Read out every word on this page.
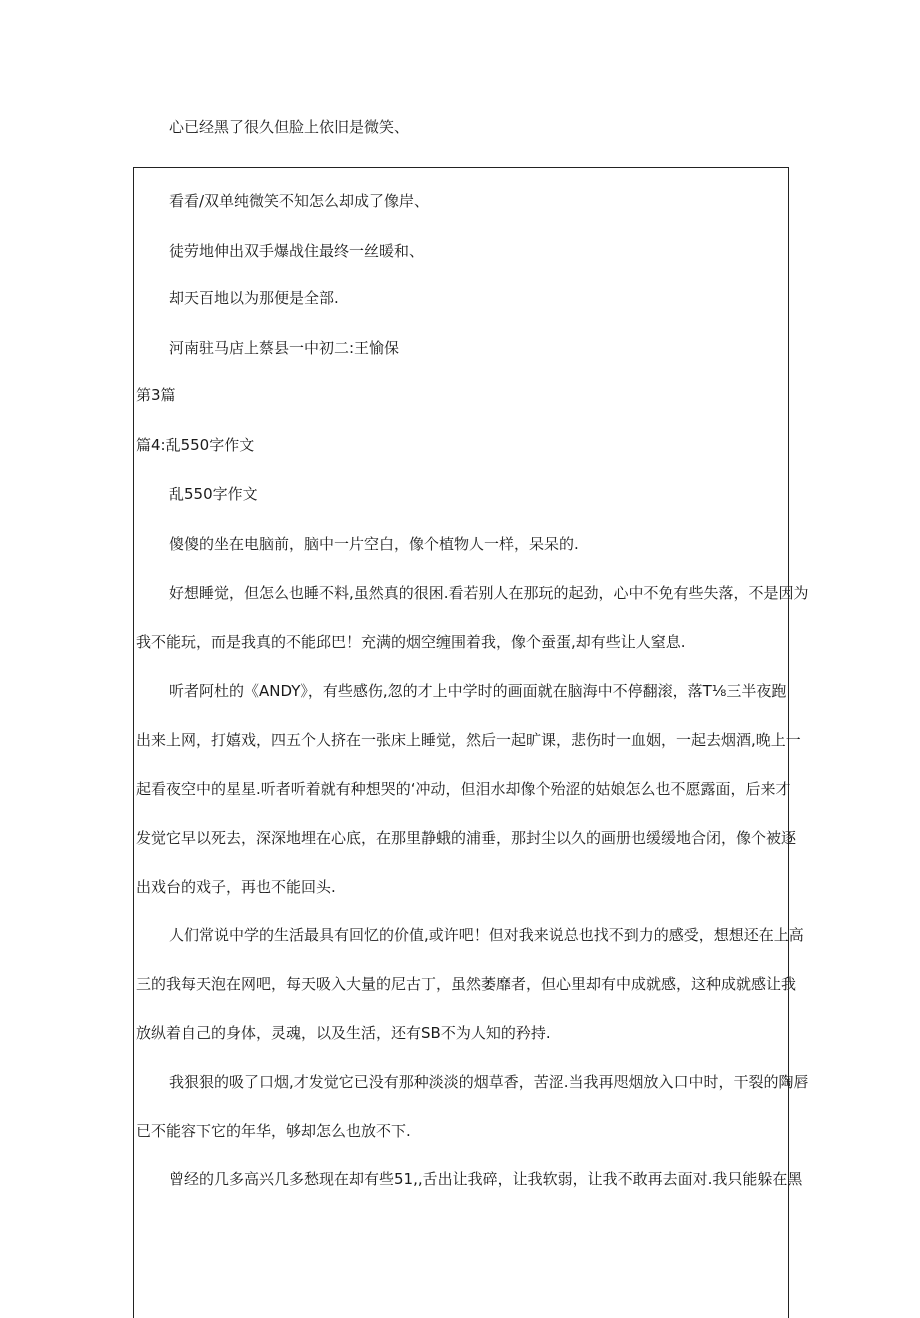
心已经黑了很久但脸上依旧是微笑、
看看/双单纯微笑不知怎么却成了像岸、
徒劳地伸出双手爆战住最终一丝暖和、
却天百地以为那便是全部.
河南驻马店上蔡县一中初二:王愉保
第3篇
篇4:乱550字作文
乱550字作文
傻傻的坐在电脑前，脑中一片空白，像个植物人一样，呆呆的.
好想睡觉，但怎么也睡不料,虽然真的很困.看若别人在那玩的起劲，心中不免有些失落，不是因为
我不能玩，而是我真的不能邱巴！充满的烟空缠围着我，像个蚕蛋,却有些让人窒息.
听者阿杜的《ANDY》，有些感伤,忽的才上中学时的画面就在脑海中不停翻滚，落T⅛三半夜跑
出来上网，打嬉戏，四五个人挤在一张床上睡觉，然后一起旷课，悲伤时一血姻，一起去烟酒,晚上一
起看夜空中的星星.听者听着就有种想哭的‘冲动，但泪水却像个殆涩的姑娘怎么也不愿露面，后来才
发觉它早以死去，深深地埋在心底，在那里静蛾的浦垂，那封尘以久的画册也缓缓地合闭，像个被逐
出戏台的戏子，再也不能回头.
人们常说中学的生活最具有回忆的价值,或许吧！但对我来说总也找不到力的感受，想想还在上高
三的我每天泡在网吧，每天吸入大量的尼古丁，虽然萎靡者，但心里却有中成就感，这种成就感让我
放纵着自己的身体，灵魂，以及生活，还有SB不为人知的矜持.
我狠狠的吸了口烟,才发觉它已没有那种淡淡的烟草香，苦涩.当我再咫烟放入口中时，干裂的陶唇
已不能容下它的年华，够却怎么也放不下.
曾经的几多高兴几多愁现在却有些51,,舌出让我碎，让我软弱，让我不敢再去面对.我只能躲在黑
